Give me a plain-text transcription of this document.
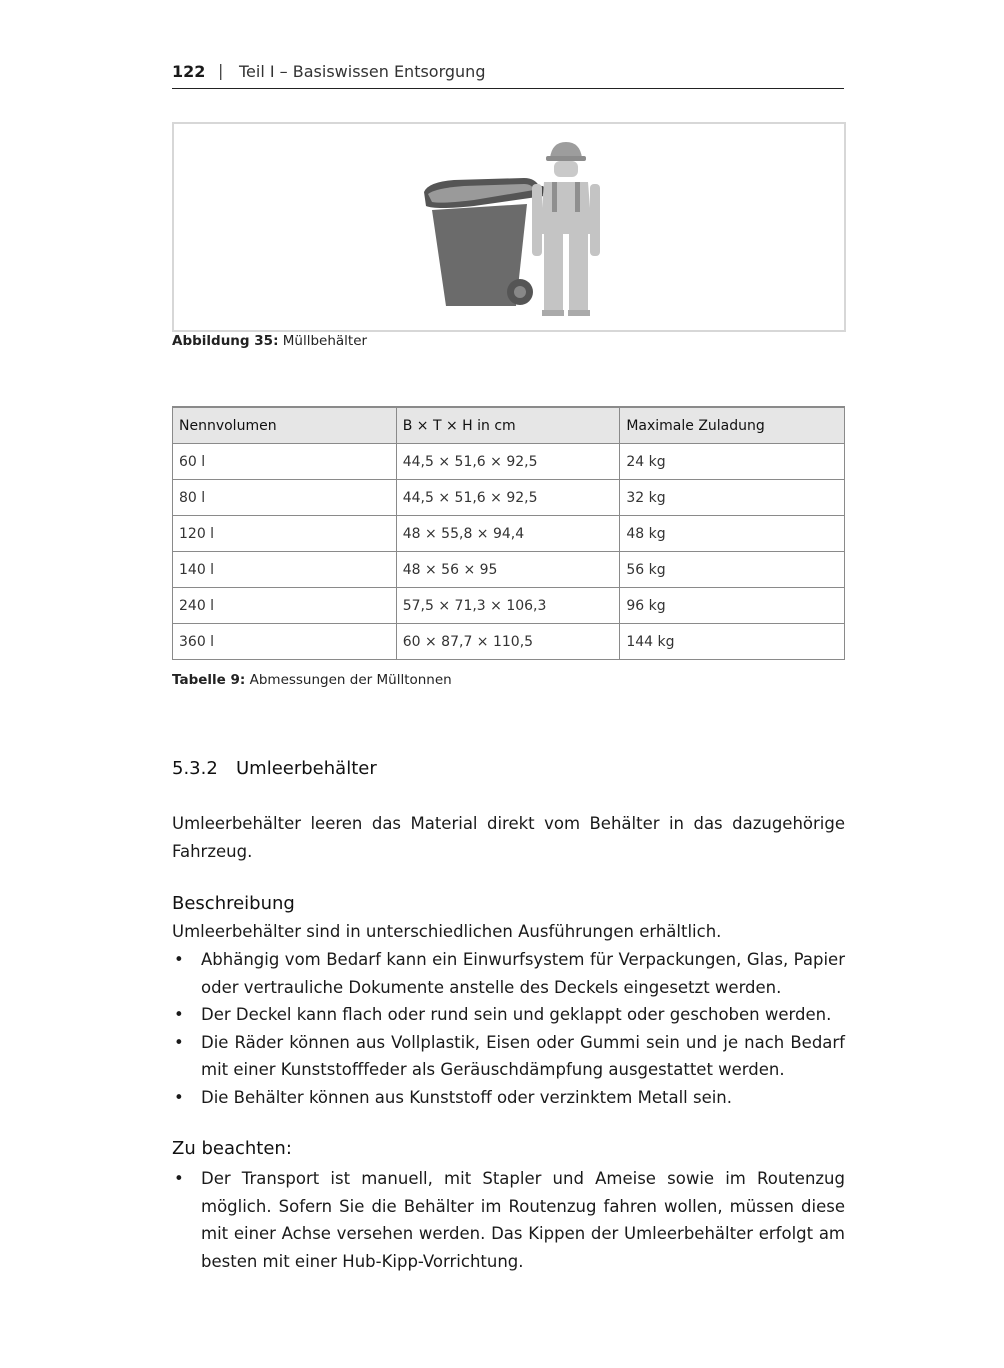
122 | Teil I – Basiswissen Entsorgung
Abbildung 35: Müllbehälter
Nennvolumen	B × T × H in cm	Maximale Zuladung
60 l	44,5 × 51,6 × 92,5	24 kg
80 l	44,5 × 51,6 × 92,5	32 kg
120 l	48 × 55,8 × 94,4	48 kg
140 l	48 × 56 × 95	56 kg
240 l	57,5 × 71,3 × 106,3	96 kg
360 l	60 × 87,7 × 110,5	144 kg
Tabelle 9: Abmessungen der Mülltonnen
5.3.2 Umleerbehälter
Umleerbehälter leeren das Material direkt vom Behälter in das dazugehörige Fahrzeug.
Beschreibung
Umleerbehälter sind in unterschiedlichen Ausführungen erhältlich.
• Abhängig vom Bedarf kann ein Einwurfsystem für Verpackungen, Glas, Papier oder vertrauliche Dokumente anstelle des Deckels eingesetzt werden.
• Der Deckel kann flach oder rund sein und geklappt oder geschoben werden.
• Die Räder können aus Vollplastik, Eisen oder Gummi sein und je nach Bedarf mit einer Kunststofffeder als Geräuschdämpfung ausgestattet werden.
• Die Behälter können aus Kunststoff oder verzinktem Metall sein.
Zu beachten:
• Der Transport ist manuell, mit Stapler und Ameise sowie im Routenzug möglich. Sofern Sie die Behälter im Routenzug fahren wollen, müssen diese mit einer Achse versehen werden. Das Kippen der Umleerbehälter erfolgt am besten mit einer Hub-Kipp-Vorrichtung.
